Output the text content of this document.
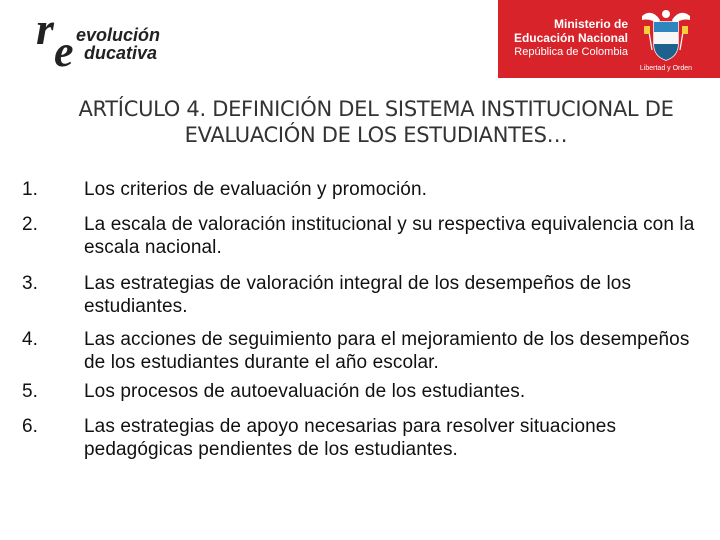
r e evolución
ducativa
Ministerio de
Educación Nacional
República de Colombia
Libertad y Orden
ARTÍCULO 4. DEFINICIÓN DEL SISTEMA INSTITUCIONAL DE
EVALUACIÓN DE LOS ESTUDIANTES…
1.	Los criterios de evaluación y promoción.
2.	La escala de valoración institucional y su respectiva equivalencia con la escala nacional.
3.	Las estrategias de valoración integral de los desempeños de los estudiantes.
4.	Las acciones de seguimiento para el mejoramiento de los desempeños de los estudiantes durante el año escolar.
5.	Los procesos de autoevaluación de los estudiantes.
6.	Las estrategias de apoyo necesarias para resolver situaciones pedagógicas pendientes de los estudiantes.
